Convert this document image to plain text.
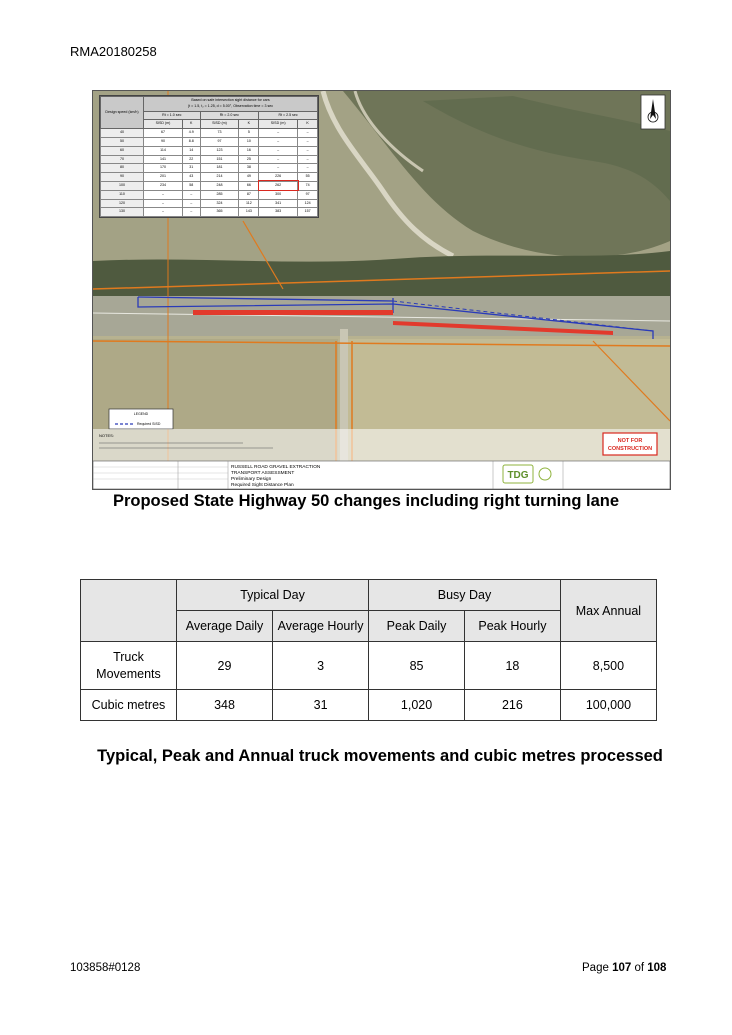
RMA20180258
LEGEND
Required SISD
NOTES:
NOT FOR
CONSTRUCTION
RUSSELL ROAD GRAVEL EXTRACTION
TRANSPORT ASSESSMENT
Preliminary Design
Required Sight Distance Plan
TDG
Design speed (km/h)	Based on safe intersection sight distance for cars
(t = 1.5, t₂ = 1.25, d = 5.00°, Observation time = 3 sec					
	Rt = 1.0 sec		Rt = 2.0 sec		Rt = 2.5 sec	
	SISD (m)	K	SISD (m)	K	SISD (m)	K
40	67	4.9	73	5	–	–
50	90	8.8	97	10	–	–
60	114	14	123	16	–	–
70	141	22	151	25	–	–
80	170	31	181	38	–	–
90	201	43	214	49	226	55
100	234	58	248	66	262	74
110	–	–	285	87	300	97
120	–	–	324	112	341	124
130	–	–	365	143	383	157
Proposed State Highway 50 changes including right turning lane
	Typical Day		Busy Day		Max Annual
	Average Daily	Average Hourly	Peak Daily	Peak Hourly	
Truck Movements	29	3	85	18	8,500
Cubic metres	348	31	1,020	216	100,000
Typical, Peak and Annual truck movements and cubic metres processed
103858#0128	Page 107 of 108
